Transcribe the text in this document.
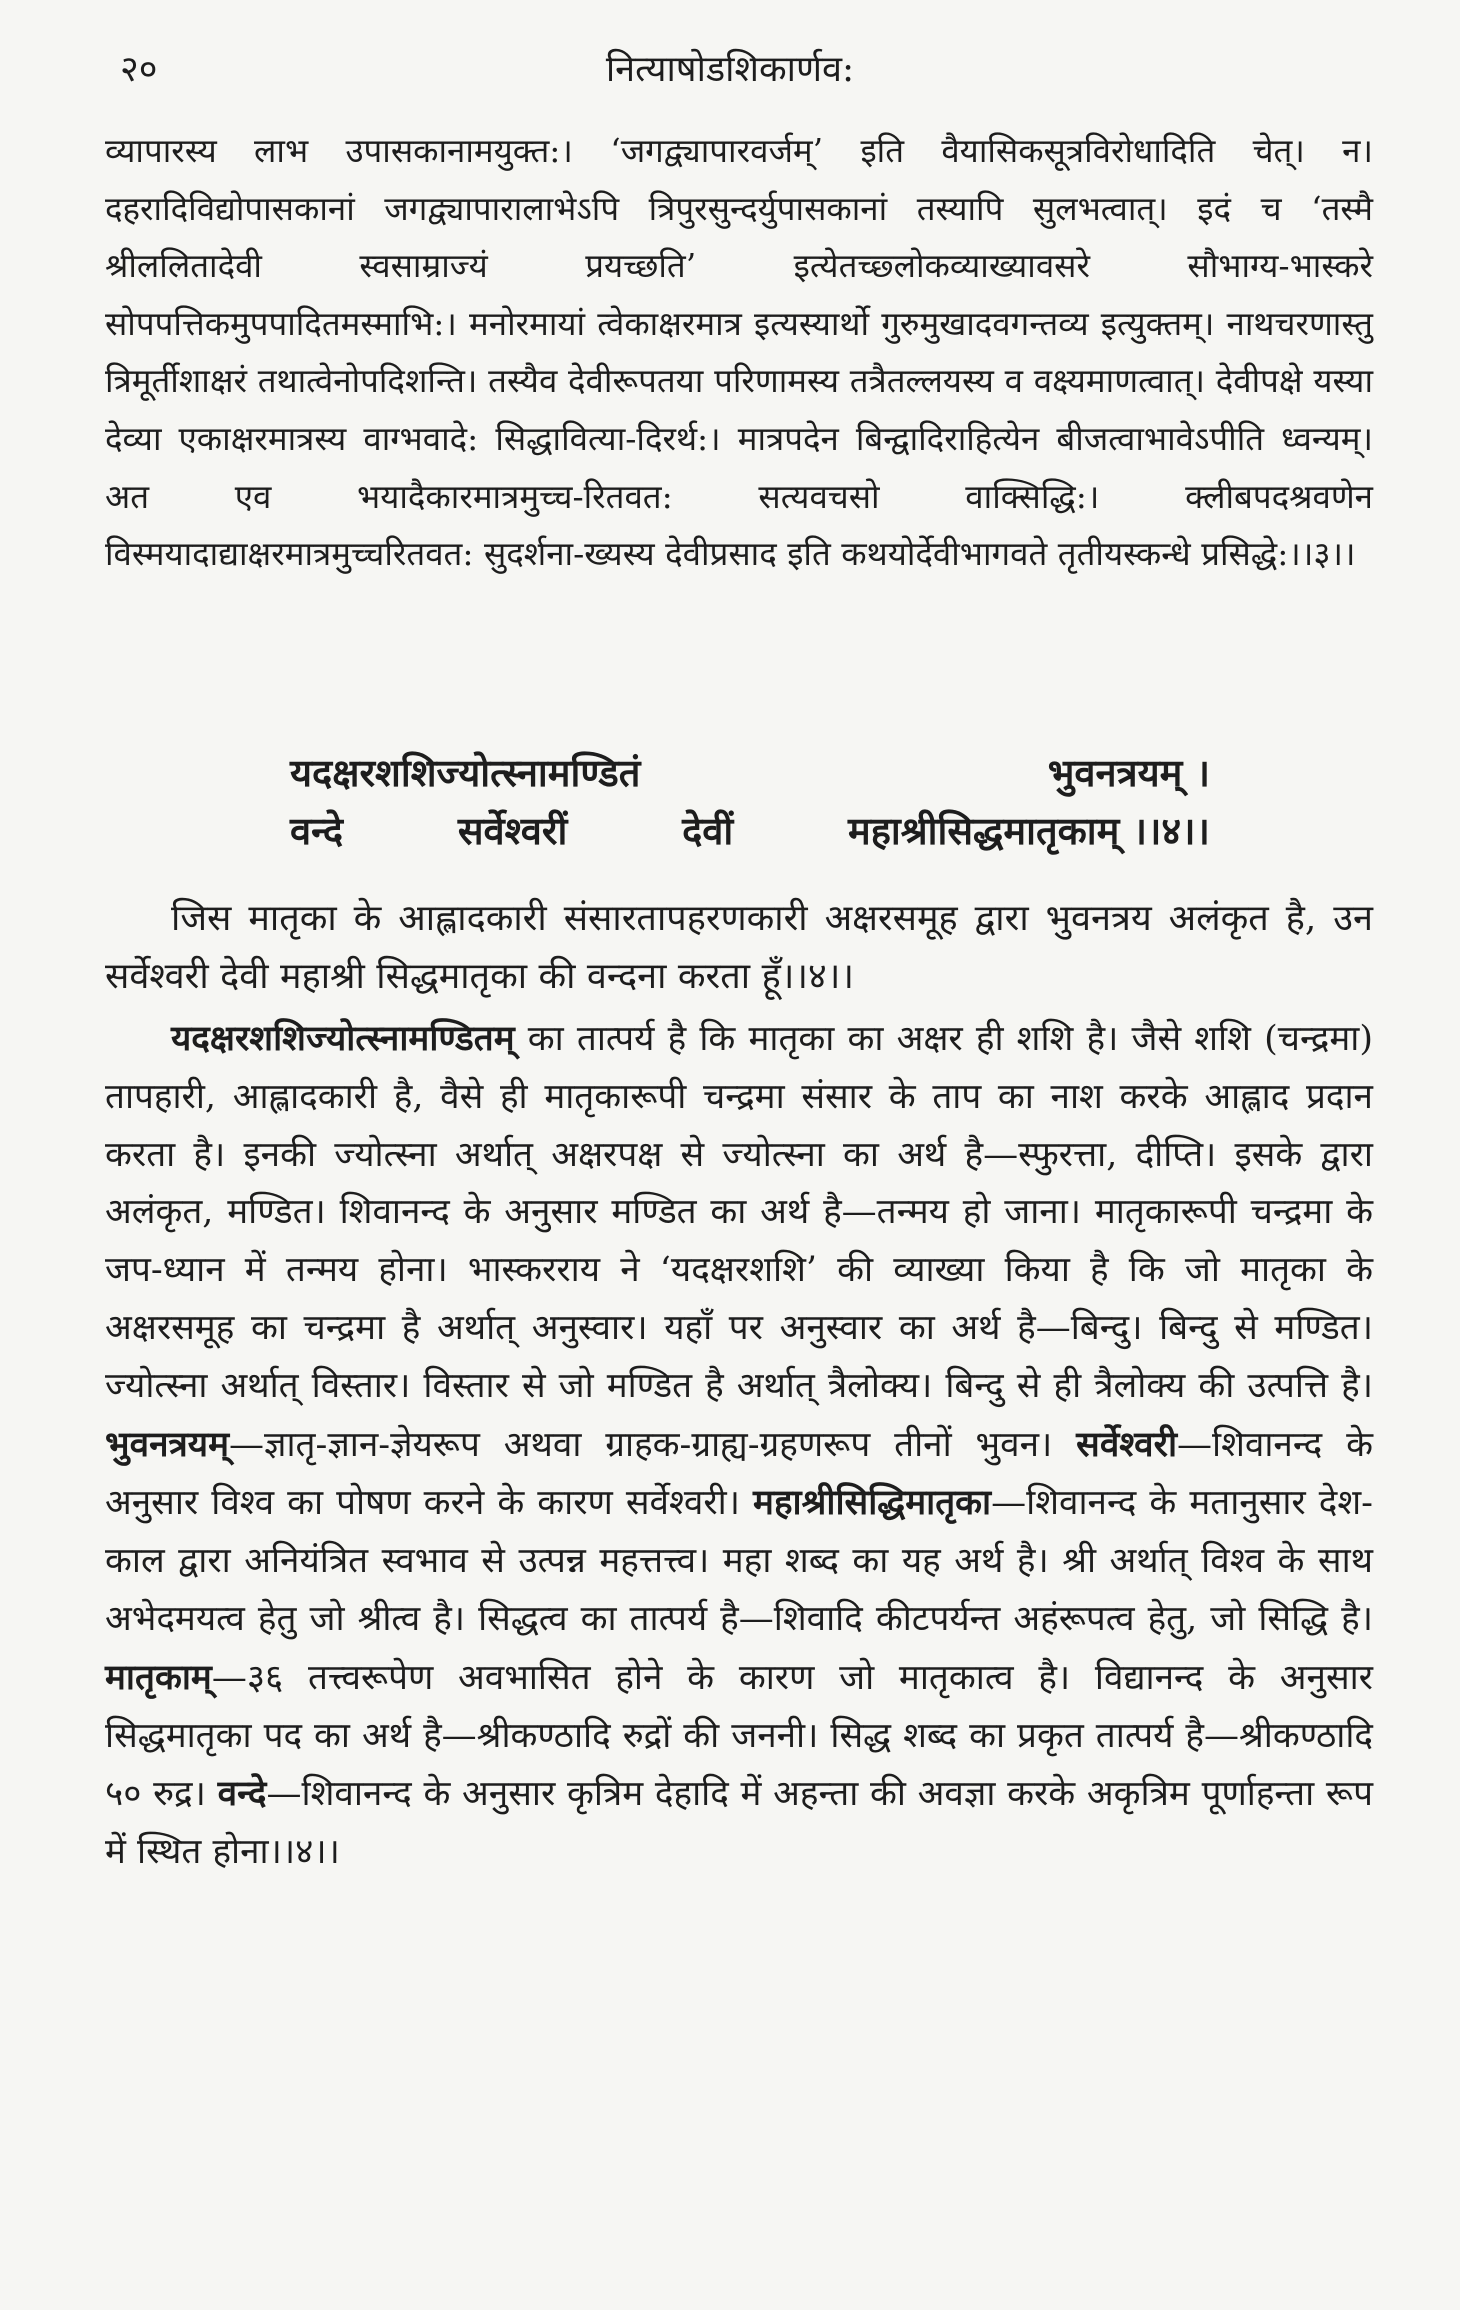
२०	नित्याषोडशिकार्णव:

व्यापारस्य लाभ उपासकानामयुक्त:। ‘जगद्व्यापारवर्जम्’ इति वैयासिकसूत्रविरोधादिति चेत्। न। दहरादिविद्योपासकानां जगद्व्यापारालाभेऽपि त्रिपुरसुन्दर्युपासकानां तस्यापि सुलभत्वात्। इदं च ‘तस्मै श्रीललितादेवी स्वसाम्राज्यं प्रयच्छति’ इत्येतच्छ्लोकव्याख्यावसरे सौभाग्य-भास्करे सोपपत्तिकमुपपादितमस्माभि:। मनोरमायां त्वेकाक्षरमात्र इत्यस्यार्थो गुरुमुखादवगन्तव्य इत्युक्तम्। नाथचरणास्तु त्रिमूर्तीशाक्षरं तथात्वेनोपदिशन्ति। तस्यैव देवीरूपतया परिणामस्य तत्रैतल्लयस्य व वक्ष्यमाणत्वात्। देवीपक्षे यस्या देव्या एकाक्षरमात्रस्य वाग्भवादे: सिद्धावित्या-दिरर्थ:। मात्रपदेन बिन्द्वादिराहित्येन बीजत्वाभावेऽपीति ध्वन्यम्। अत एव भयादैकारमात्रमुच्च-रितवत: सत्यवचसो वाक्सिद्धि:। क्लीबपदश्रवणेन विस्मयादाद्याक्षरमात्रमुच्चरितवत: सुदर्शना-ख्यस्य देवीप्रसाद इति कथयोर्देवीभागवते तृतीयस्कन्धे प्रसिद्धे:।।३।।

यदक्षरशशिज्योत्स्नामण्डितं	भुवनत्रयम् ।
वन्दे	सर्वेश्वरीं	देवीं	महाश्रीसिद्धमातृकाम् ।।४।।

जिस मातृका के आह्लादकारी संसारतापहरणकारी अक्षरसमूह द्वारा भुवनत्रय अलंकृत है, उन सर्वेश्वरी देवी महाश्री सिद्धमातृका की वन्दना करता हूँ।।४।।

यदक्षरशशिज्योत्स्नामण्डितम् का तात्पर्य है कि मातृका का अक्षर ही शशि है। जैसे शशि (चन्द्रमा) तापहारी, आह्लादकारी है, वैसे ही मातृकारूपी चन्द्रमा संसार के ताप का नाश करके आह्लाद प्रदान करता है। इनकी ज्योत्स्ना अर्थात् अक्षरपक्ष से ज्योत्स्ना का अर्थ है—स्फुरत्ता, दीप्ति। इसके द्वारा अलंकृत, मण्डित। शिवानन्द के अनुसार मण्डित का अर्थ है—तन्मय हो जाना। मातृकारूपी चन्द्रमा के जप-ध्यान में तन्मय होना। भास्करराय ने ‘यदक्षरशशि’ की व्याख्या किया है कि जो मातृका के अक्षरसमूह का चन्द्रमा है अर्थात् अनुस्वार। यहाँ पर अनुस्वार का अर्थ है—बिन्दु। बिन्दु से मण्डित। ज्योत्स्ना अर्थात् विस्तार। विस्तार से जो मण्डित है अर्थात् त्रैलोक्य। बिन्दु से ही त्रैलोक्य की उत्पत्ति है। भुवनत्रयम्—ज्ञातृ-ज्ञान-ज्ञेयरूप अथवा ग्राहक-ग्राह्य-ग्रहणरूप तीनों भुवन। सर्वेश्वरी—शिवानन्द के अनुसार विश्व का पोषण करने के कारण सर्वेश्वरी। महाश्रीसिद्धिमातृका—शिवानन्द के मतानुसार देश-काल द्वारा अनियंत्रित स्वभाव से उत्पन्न महत्तत्त्व। महा शब्द का यह अर्थ है। श्री अर्थात् विश्व के साथ अभेदमयत्व हेतु जो श्रीत्व है। सिद्धत्व का तात्पर्य है—शिवादि कीटपर्यन्त अहंरूपत्व हेतु, जो सिद्धि है। मातृकाम्—३६ तत्त्वरूपेण अवभासित होने के कारण जो मातृकात्व है। विद्यानन्द के अनुसार सिद्धमातृका पद का अर्थ है—श्रीकण्ठादि रुद्रों की जननी। सिद्ध शब्द का प्रकृत तात्पर्य है—श्रीकण्ठादि ५० रुद्र। वन्दे—शिवानन्द के अनुसार कृत्रिम देहादि में अहन्ता की अवज्ञा करके अकृत्रिम पूर्णाहन्ता रूप में स्थित होना।।४।।
